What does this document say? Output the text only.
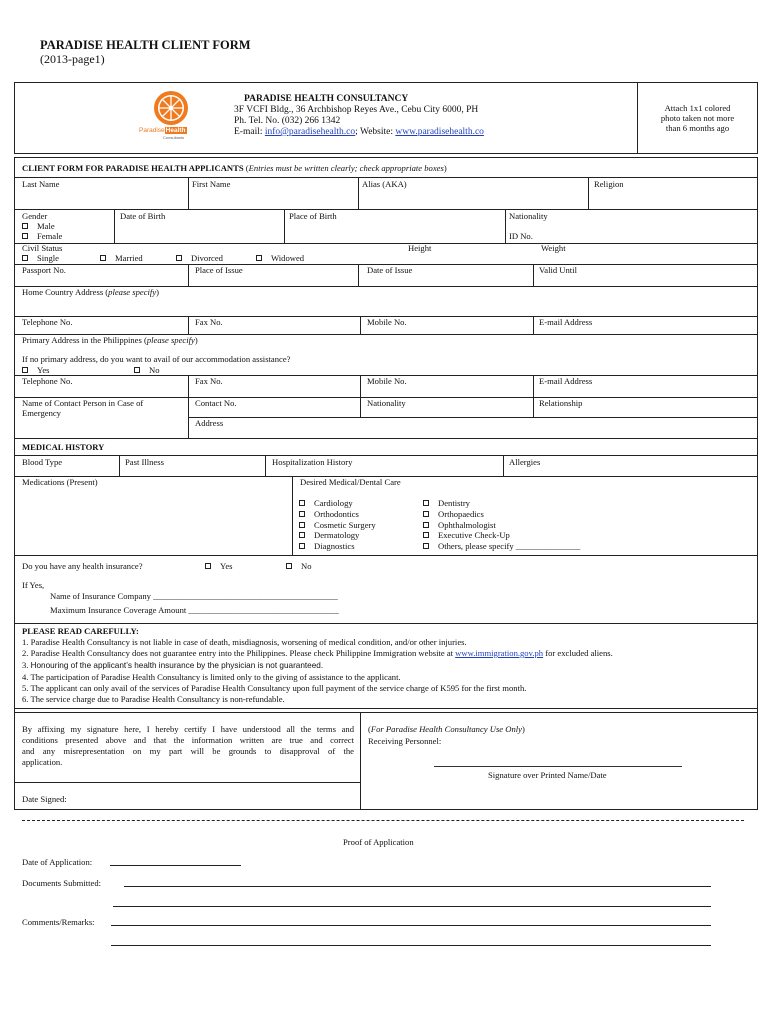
PARADISE HEALTH CLIENT FORM
(2013-page1)
ParadiseHealth
Consultants
PARADISE HEALTH CONSULTANCY
3F VCFI Bldg., 36 Archbishop Reyes Ave., Cebu City 6000, PH
Ph. Tel. No. (032) 266 1342
E-mail: info@paradisehealth.co; Website: www.paradisehealth.co
Attach 1x1 colored
photo taken not more
than 6 months ago
CLIENT FORM FOR PARADISE HEALTH APPLICANTS (Entries must be written clearly; check appropriate boxes)
Last Name	First Name	Alias (AKA)	Religion
Gender
Male
Female
Date of Birth	Place of Birth	Nationality
ID No.
Civil Status
Single	Married	Divorced	Widowed
Height	Weight
Passport No.	Place of Issue	Date of Issue	Valid Until
Home Country Address (please specify)
Telephone No.	Fax No.	Mobile No.	E-mail Address
Primary Address in the Philippines (please specify)
If no primary address, do you want to avail of our accommodation assistance?
Yes	No
Telephone No.	Fax No.	Mobile No.	E-mail Address
Name of Contact Person in Case of
Emergency
Contact No.	Nationality	Relationship
Address
MEDICAL HISTORY
Blood Type	Past Illness	Hospitalization History	Allergies
Medications (Present)	Desired Medical/Dental Care
Cardiology
Orthodontics
Cosmetic Surgery
Dermatology
Diagnostics
Dentistry
Orthopaedics
Ophthalmologist
Executive Check-Up
Others, please specify _______________
Do you have any health insurance?	Yes	No
If Yes,
Name of Insurance Company ___________________________________________
Maximum Insurance Coverage Amount ___________________________________
PLEASE READ CAREFULLY:
1. Paradise Health Consultancy is not liable in case of death, misdiagnosis, worsening of medical condition, and/or other injuries.
2. Paradise Health Consultancy does not guarantee entry into the Philippines. Please check Philippine Immigration website at www.immigration.gov.ph for excluded aliens.
3. Honouring of the applicant’s health insurance by the physician is not guaranteed.
4. The participation of Paradise Health Consultancy is limited only to the giving of assistance to the applicant.
5. The applicant can only avail of the services of Paradise Health Consultancy upon full payment of the service charge of K595 for the first month.
6. The service charge due to Paradise Health Consultancy is non-refundable.
By affixing my signature here, I hereby certify I have understood all the terms and
conditions presented above and that the information written are true and correct
and any misrepresentation on my part will be grounds to disapproval of the
application.
Date Signed:
(For Paradise Health Consultancy Use Only)
Receiving Personnel:
Signature over Printed Name/Date
Proof of Application
Date of Application:
Documents Submitted:
Comments/Remarks:
